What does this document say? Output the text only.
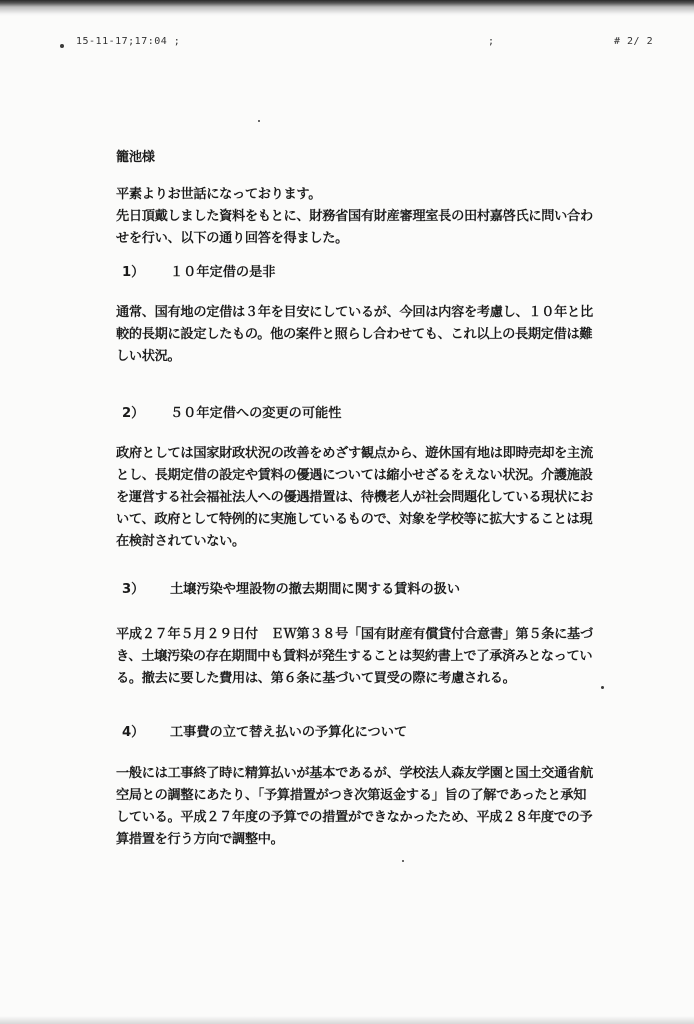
15-11-17;17:04 ;	;	# 2/ 2
籠池様
平素よりお世話になっております。
先日頂戴しました資料をもとに、財務省国有財産審理室長の田村嘉啓氏に問い合わせを行い、以下の通り回答を得ました。
1） １０年定借の是非
通常、国有地の定借は３年を目安にしているが、今回は内容を考慮し、１０年と比較的長期に設定したもの。他の案件と照らし合わせても、これ以上の長期定借は難しい状況。
2） ５０年定借への変更の可能性
政府としては国家財政状況の改善をめざす観点から、遊休国有地は即時売却を主流とし、長期定借の設定や賃料の優遇については縮小せざるをえない状況。介護施設を運営する社会福祉法人への優遇措置は、待機老人が社会問題化している現状において、政府として特例的に実施しているもので、対象を学校等に拡大することは現在検討されていない。
3） 土壌汚染や埋設物の撤去期間に関する賃料の扱い
平成２７年５月２９日付　ＥＷ第３８号「国有財産有償貸付合意書」第５条に基づき、土壌汚染の存在期間中も賃料が発生することは契約書上で了承済みとなっている。撤去に要した費用は、第６条に基づいて買受の際に考慮される。
4） 工事費の立て替え払いの予算化について
一般には工事終了時に精算払いが基本であるが、学校法人森友学園と国土交通省航空局との調整にあたり、「予算措置がつき次第返金する」旨の了解であったと承知している。平成２７年度の予算での措置ができなかったため、平成２８年度での予算措置を行う方向で調整中。
